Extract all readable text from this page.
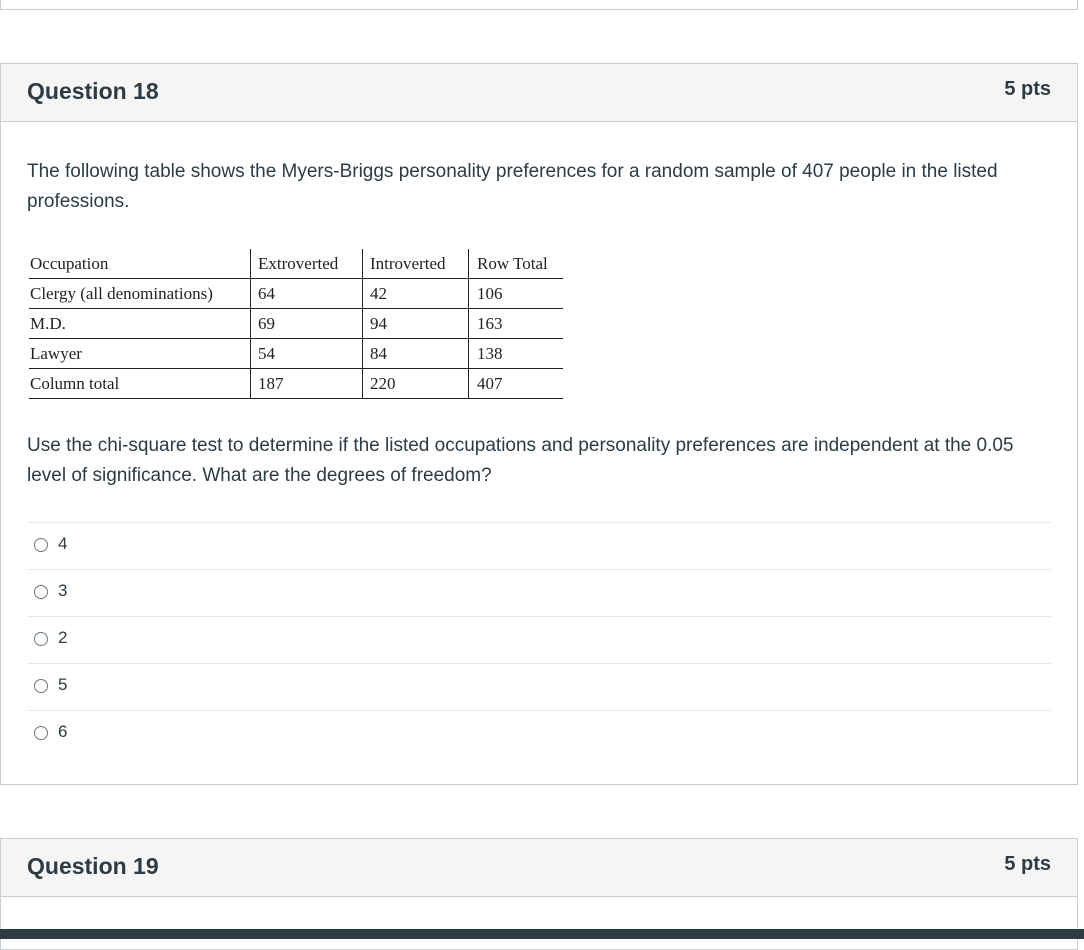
Question 18	5 pts
The following table shows the Myers-Briggs personality preferences for a random sample of 407 people in the listed professions.
Occupation	Extroverted	Introverted	Row Total
Clergy (all denominations)	64	42	106
M.D.	69	94	163
Lawyer	54	84	138
Column total	187	220	407
Use the chi-square test to determine if the listed occupations and personality preferences are independent at the 0.05 level of significance. What are the degrees of freedom?
4
3
2
5
6
Question 19	5 pts
